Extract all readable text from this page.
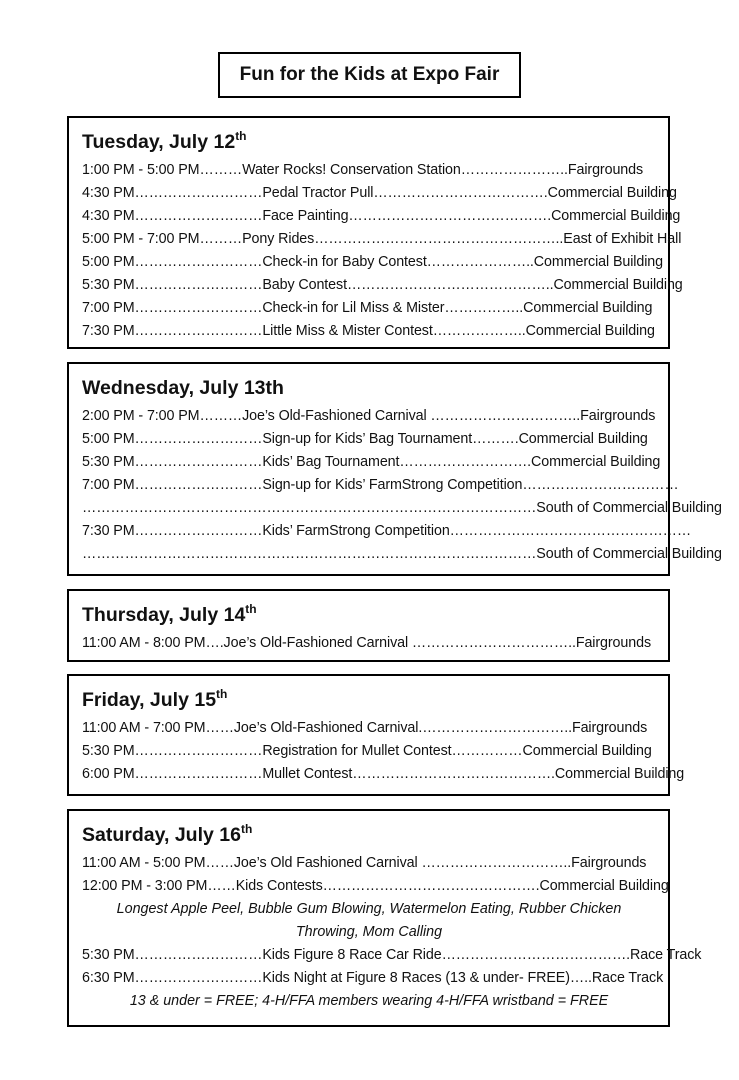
Fun for the Kids at Expo Fair
Tuesday, July 12th
1:00 PM - 5:00 PM………Water Rocks! Conservation Station…………………..Fairgrounds
4:30 PM………………………Pedal Tractor Pull……………………………….Commercial Building
4:30 PM………………………Face Painting…………………………………….Commercial Building
5:00 PM - 7:00 PM………Pony Rides……………………………………………..East of Exhibit Hall
5:00 PM………………………Check-in for Baby Contest…………………..Commercial Building
5:30 PM………………………Baby Contest……………………………………..Commercial Building
7:00 PM………………………Check-in for Lil Miss & Mister……………..Commercial Building
7:30 PM………………………Little Miss & Mister Contest………………..Commercial Building
Wednesday, July 13th
2:00 PM - 7:00 PM………Joe’s Old-Fashioned Carnival …………………………..Fairgrounds
5:00 PM………………………Sign-up for Kids’ Bag Tournament……….Commercial Building
5:30 PM………………………Kids’ Bag Tournament……………………….Commercial Building
7:00 PM………………………Sign-up for Kids’ FarmStrong Competition……………………………
……………………………………………………………………………………South of Commercial Building
7:30 PM………………………Kids’ FarmStrong Competition……………………………………………
……………………………………………………………………………………South of Commercial Building
Thursday, July 14th
11:00 AM - 8:00 PM….Joe’s Old-Fashioned Carnival ……………………………..Fairgrounds
Friday, July 15th
11:00 AM - 7:00 PM……Joe’s Old-Fashioned Carnival.…………………………..Fairgrounds
5:30 PM………………………Registration for Mullet Contest……………Commercial Building
6:00 PM………………………Mullet Contest…………………………………….Commercial Building
Saturday, July 16th
11:00 AM - 5:00 PM……Joe’s Old Fashioned Carnival …………………………..Fairgrounds
12:00 PM - 3:00 PM……Kids Contests……………………………………….Commercial Building
Longest Apple Peel, Bubble Gum Blowing, Watermelon Eating, Rubber Chicken
Throwing, Mom Calling
5:30 PM………………………Kids Figure 8 Race Car Ride………………………………….Race Track
6:30 PM………………………Kids Night at Figure 8 Races (13 & under- FREE)…..Race Track
13 & under = FREE; 4-H/FFA members wearing 4-H/FFA wristband = FREE
